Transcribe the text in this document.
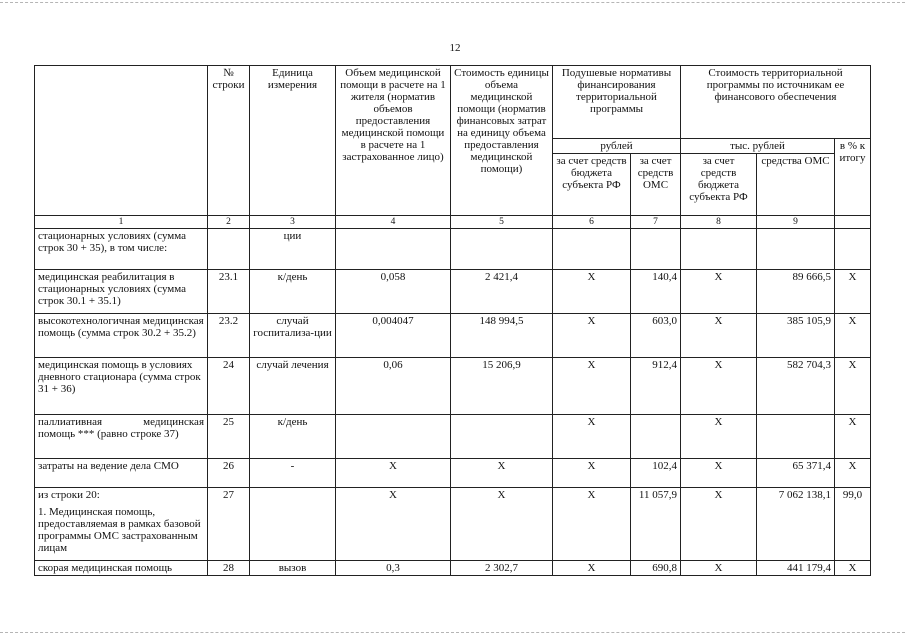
12
	№ строки	Единица измерения	Объем медицинской помощи в расчете на 1 жителя (норматив объемов предоставления медицинской помощи в расчете на 1 застрахованное лицо)	Стоимость единицы объема медицинской помощи (норматив финансовых затрат на единицу объема предоставления медицинской помощи)	Подушевые нормативы финансирования территориальной программы		Стоимость территориальной программы по источникам ее финансового обеспечения		
					рублей		тыс. рублей		в % к итогу
					за счет средств бюджета субъекта РФ	за счет средств ОМС	за счет средств бюджета субъекта РФ	средства ОМС	
1	2	3	4	5	6	7	8	9	
стационарных условиях (сумма строк 30 + 35), в том числе:		ции							
медицинская реабилитация в стационарных условиях (сумма строк 30.1 + 35.1)	23.1	к/день	0,058	2 421,4	Х	140,4	Х	89 666,5	Х
высокотехнологичная медицинская помощь (сумма строк 30.2 + 35.2)	23.2	случай госпитализа-ции	0,004047	148 994,5	Х	603,0	Х	385 105,9	Х
медицинская помощь в условиях дневного стационара (сумма строк 31 + 36)	24	случай лечения	0,06	15 206,9	Х	912,4	Х	582 704,3	Х
паллиативная медицинская помощь *** (равно строке 37)	25	к/день			Х		Х		Х
затраты на ведение дела СМО	26	-	Х	Х	Х	102,4	Х	65 371,4	Х

из строки 20:
1. Медицинская помощь, предоставляемая в рамках базовой программы ОМС застрахованным лицам	27		Х	Х	Х	11 057,9	Х	7 062 138,1	99,0
скорая медицинская помощь	28	вызов	0,3	2 302,7	Х	690,8	Х	441 179,4	Х
